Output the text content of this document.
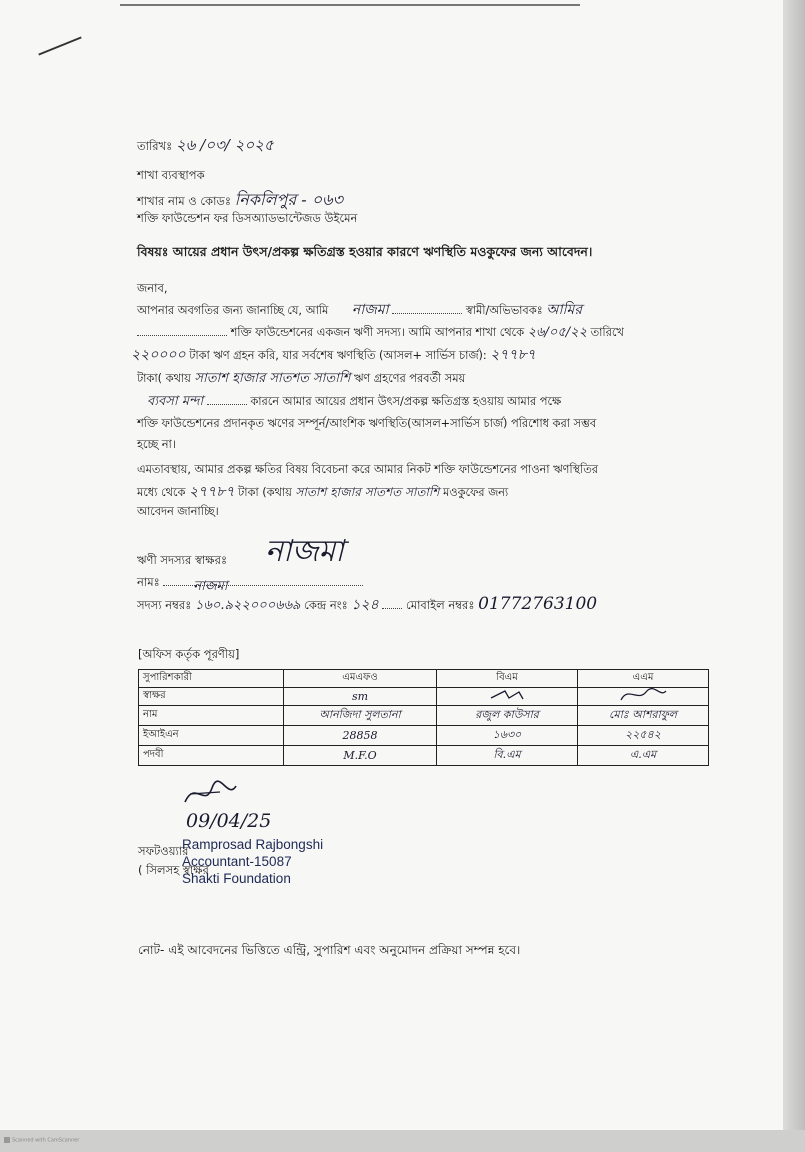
তারিখঃ ২৬ /০৩/ ২০২৫
শাখা ব্যবস্থাপক
শাখার নাম ও কোডঃ নিকলিপুর - ০৬৩
শক্তি ফাউন্ডেশন ফর ডিসঅ্যাডভান্টেজড উইমেন
বিষয়ঃ আয়ের প্রধান উৎস/প্রকল্প ক্ষতিগ্রস্ত হওয়ার কারণে ঋণস্থিতি মওকুফের জন্য আবেদন।
জনাব,
আপনার অবগতির জন্য জানাচ্ছি যে, আমি নাজমা	স্বামী/অভিভাবকঃ আমির
শক্তি ফাউন্ডেশনের একজন ঋণী সদস্য। আমি আপনার শাখা থেকে ২৬/০৫/২২ তারিখে
২২০০০০ টাকা ঋণ গ্রহন করি, যার সর্বশেষ ঋণস্থিতি (আসল+ সার্ভিস চার্জ): ২৭৭৮৭
টাকা( কথায় সাতাশ হাজার সাতশত সাতাশি ঋণ গ্রহণের পরবর্তী সময়
ব্যবসা মন্দা	কারনে আমার আয়ের প্রধান উৎস/প্রকল্প ক্ষতিগ্রস্ত হওয়ায় আমার পক্ষে
শক্তি ফাউন্ডেশনের প্রদানকৃত ঋণের সম্পূর্ন/আংশিক ঋণস্থিতি(আসল+সার্ভিস চার্জ) পরিশোধ করা সম্ভব
হচ্ছে না।
এমতাবস্থায়, আমার প্রকল্প ক্ষতির বিষয় বিবেচনা করে আমার নিকট শক্তি ফাউন্ডেশনের পাওনা ঋণস্থিতির
মধ্যে থেকে ২৭৭৮৭ টাকা (কথায় সাতাশ হাজার সাতশত সাতাশি মওকুফের জন্য
আবেদন জানাচ্ছি।
ঋণী সদস্যর স্বাক্ষরঃ নাজমা
নামঃ	নাজমা
সদস্য নম্বরঃ ১৬০.৯২২০০০৬৬৯ কেন্দ্র নংঃ ১২৪ মোবাইল নম্বরঃ 01772763100
[অফিস কর্তৃক পূরণীয়]
সুপারিশকারী	এমএফও	বিএম	এএম
স্বাক্ষর	sm		
নাম	আনজিদা সুলতানা	রজুল কাউসার	মোঃ আশরাফুল
ইআইএন	28858	১৬৩০	২২৫৪২
পদবী	M.F.O	বি.এম	এ.এম
09/04/25
সফটওয়্যার
( সিলসহ স্বাক্ষর
Ramprosad Rajbongshi
Accountant-15087
Shakti Foundation
নোট- এই আবেদনের ভিত্তিতে এন্ট্রি, সুপারিশ এবং অনুমোদন প্রক্রিয়া সম্পন্ন হবে।
Scanned with CamScanner
